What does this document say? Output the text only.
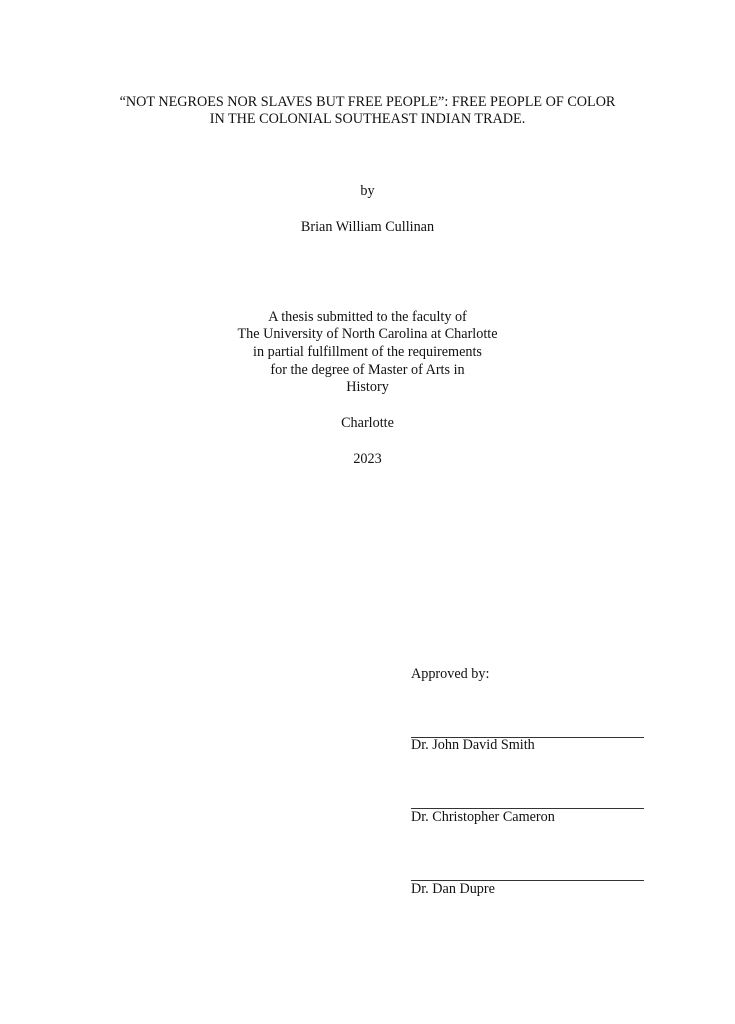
“NOT NEGROES NOR SLAVES BUT FREE PEOPLE”: FREE PEOPLE OF COLOR
IN THE COLONIAL SOUTHEAST INDIAN TRADE.
by
Brian William Cullinan
A thesis submitted to the faculty of
The University of North Carolina at Charlotte
in partial fulfillment of the requirements
for the degree of Master of Arts in
History
Charlotte
2023
Approved by:
Dr. John David Smith
Dr. Christopher Cameron
Dr. Dan Dupre
